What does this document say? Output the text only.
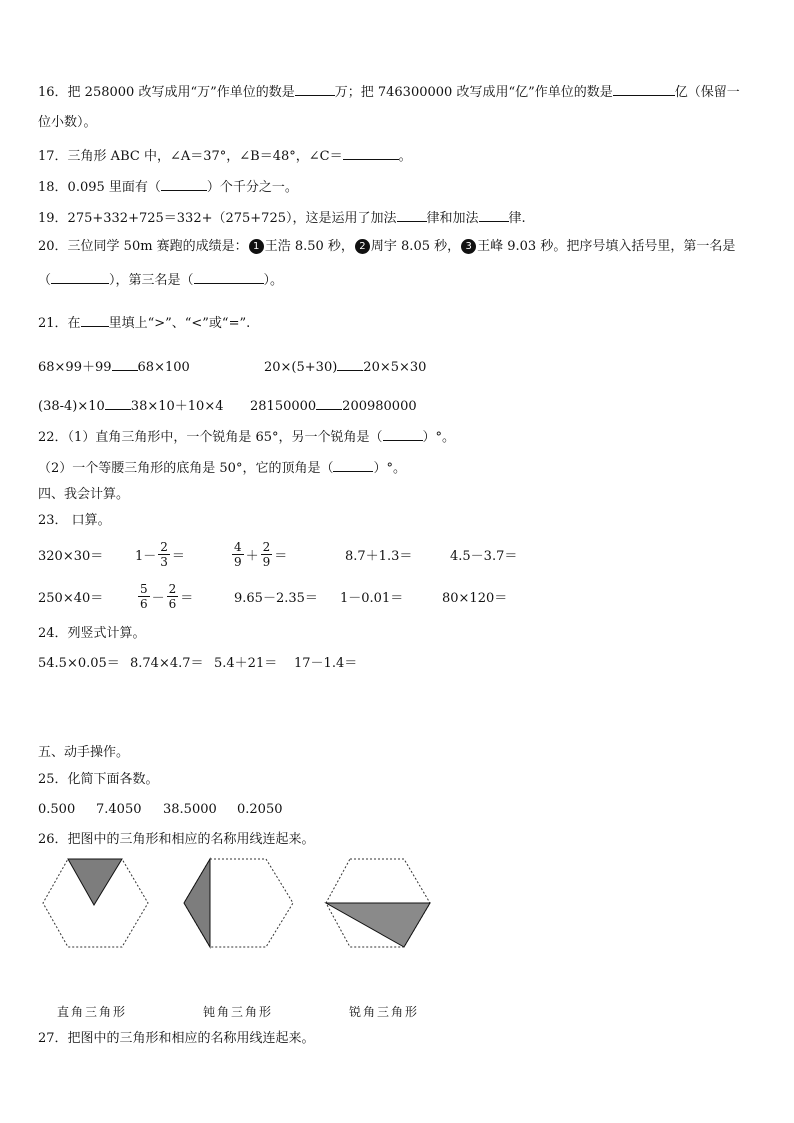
16．把 258000 改写成用“万”作单位的数是	万；把 746300000 改写成用“亿”作单位的数是	亿（保留一
位小数）。
17．三角形 ABC 中，∠A＝37°，∠B＝48°，∠C＝	。
18．0.095 里面有（	）个千分之一。
19．275+332+725＝332+（275+725），这是运用了加法 律和加法 律.
20．三位同学 50m 赛跑的成绩是： 1 王浩 8.50 秒， 2 周宇 8.05 秒， 3 王峰 9.03 秒。把序号填入括号里，第一名是
（	），第三名是（	）。
21．在 里填上“>”、“<”或“=”.
68×99＋99 68×100	20×(5+30) 20×5×30
(38-4)×10 38×10＋10×4 28150000 200980000
22．（1）直角三角形中，一个锐角是 65°，另一个锐角是（	）°。
（2）一个等腰三角形的底角是 50°，它的顶角是（	）°。
四、我会计算。
23． 口算。
$320\times 30= 1- \frac{2}{3}$ ＝	$\frac{4}{9} + \frac{2}{9}$ ＝	8.7＋1.3＝	4.5－3.7＝
250×40＝	$\frac{5}{6} - \frac{2}{6}$ ＝	9.65－2.35＝ 1－0.01＝	80×120＝
24．列竖式计算。
54.5×0.05＝ 8.74×4.7＝ 5.4＋21＝ 17－1.4＝
五、动手操作。
25．化简下面各数。
0.500 7.4050 38.5000 0.2050
26．把图中的三角形和相应的名称用线连起来。
直角三角形	钝角三角形	锐角三角形
27．把图中的三角形和相应的名称用线连起来。
